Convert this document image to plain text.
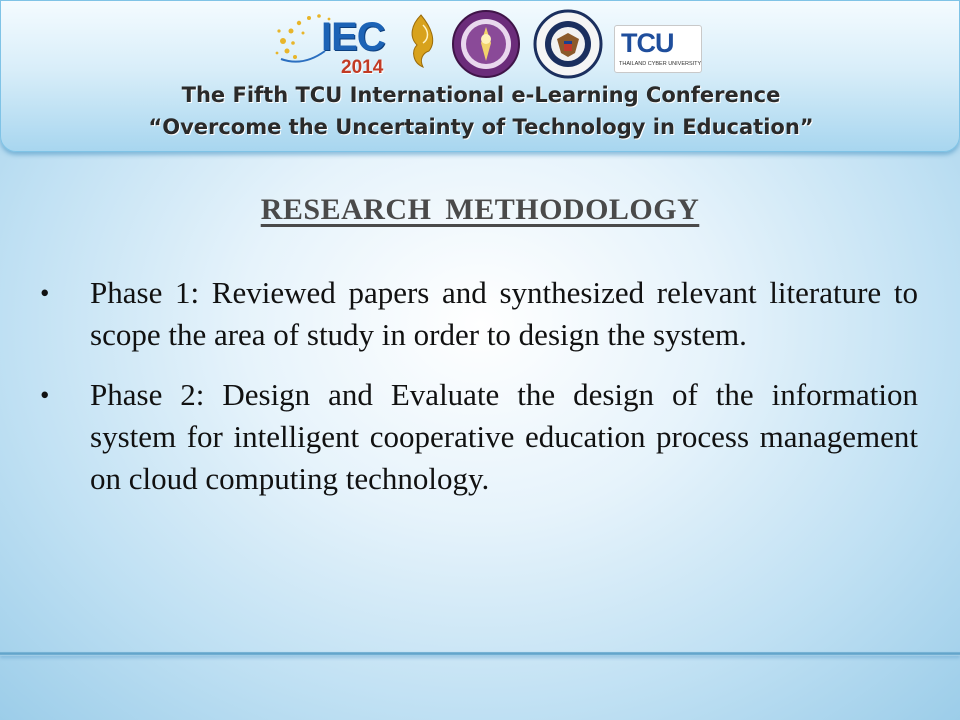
IEC
2014
TCU
THAILAND CYBER UNIVERSITY
The Fifth TCU International e-Learning Conference
“Overcome the Uncertainty of Technology in Education”
RESEARCH METHODOLOGY
• Phase 1: Reviewed papers and synthesized relevant literature to scope the area of study in order to design the system.
• Phase 2: Design and Evaluate the design of the information system for intelligent cooperative education process management on cloud computing technology.
